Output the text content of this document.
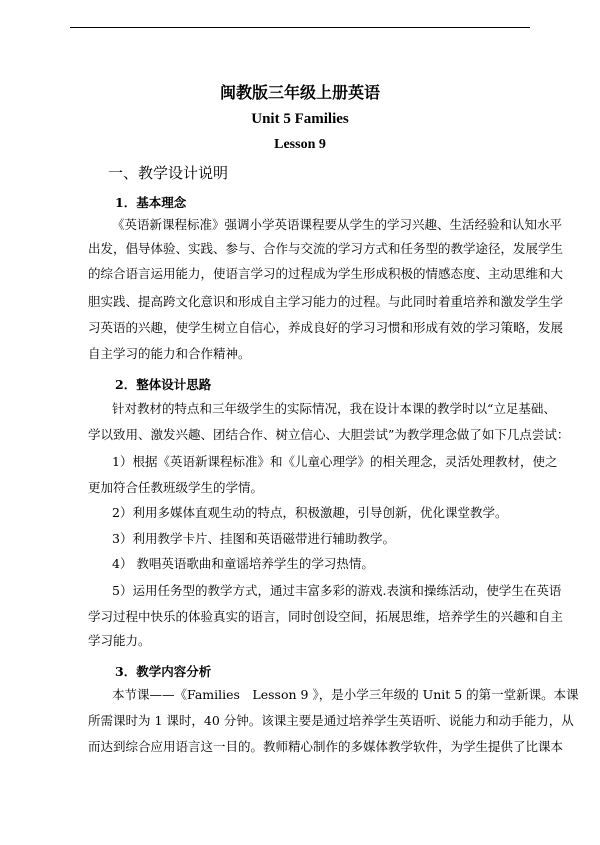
闽教版三年级上册英语
Unit 5 Families
Lesson 9
一、教学设计说明
1．基本理念
《英语新课程标准》强调小学英语课程要从学生的学习兴趣、生活经验和认知水平
出发，倡导体验、实践、参与、合作与交流的学习方式和任务型的教学途径，发展学生
的综合语言运用能力，使语言学习的过程成为学生形成积极的情感态度、主动思维和大
胆实践、提高跨文化意识和形成自主学习能力的过程。与此同时着重培养和激发学生学
习英语的兴趣，使学生树立自信心，养成良好的学习习惯和形成有效的学习策略，发展
自主学习的能力和合作精神。
2．整体设计思路
针对教材的特点和三年级学生的实际情况，我在设计本课的教学时以“立足基础、
学以致用、激发兴趣、团结合作、树立信心、大胆尝试”为教学理念做了如下几点尝试：
1）根据《英语新课程标准》和《儿童心理学》的相关理念，灵活处理教材，使之
更加符合任教班级学生的学情。
2）利用多媒体直观生动的特点，积极激趣，引导创新，优化课堂教学。
3）利用教学卡片、挂图和英语磁带进行辅助教学。
4） 教唱英语歌曲和童谣培养学生的学习热情。
5）运用任务型的教学方式，通过丰富多彩的游戏.表演和操练活动，使学生在英语
学习过程中快乐的体验真实的语言，同时创设空间，拓展思维，培养学生的兴趣和自主
学习能力。
3．教学内容分析
本节课——《Families　Lesson 9 》，是小学三年级的 Unit 5 的第一堂新课。本课
所需课时为 1 课时，40 分钟。该课主要是通过培养学生英语听、说能力和动手能力，从
而达到综合应用语言这一目的。教师精心制作的多媒体教学软件，为学生提供了比课本
